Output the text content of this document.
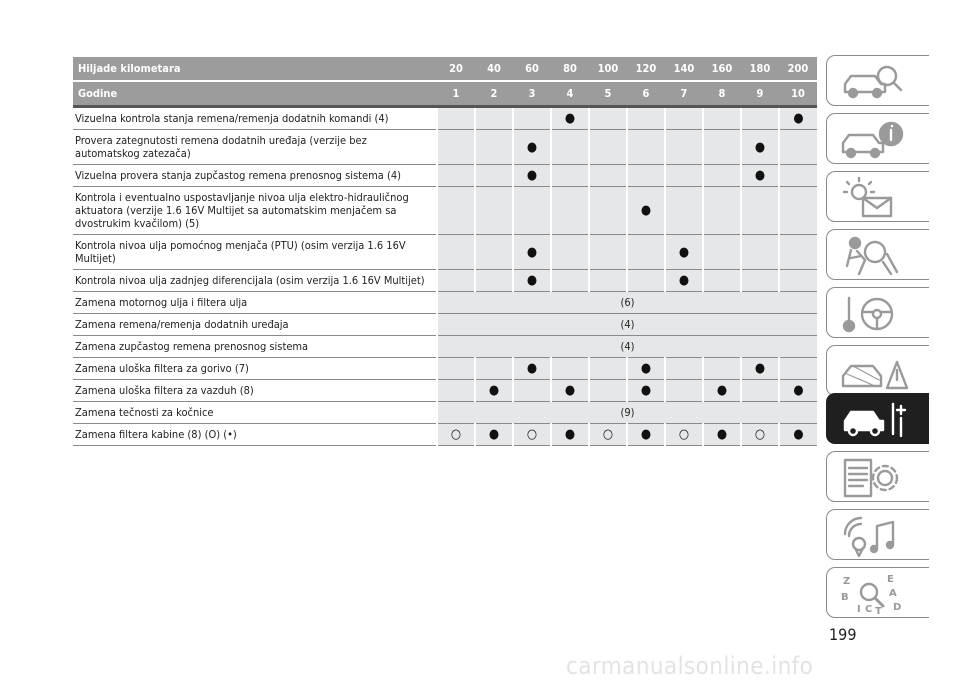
Hiljade kilometara	20	40	60	80	100	120	140	160	180	200
Godine	1	2	3	4	5	6	7	8	9	10
Vizuelna kontrola stanja remena/remenja dodatnih komandi (4)				●						●
Provera zategnutosti remena dodatnih uređaja (verzije bez automatskog zatezača)			●						●	
Vizuelna provera stanja zupčastog remena prenosnog sistema (4)			●						●	
Kontrola i eventualno uspostavljanje nivoa ulja elektro-hidrauličnog aktuatora (verzije 1.6 16V Multijet sa automatskim menjačem sa dvostrukim kvačilom) (5)						●				
Kontrola nivoa ulja pomoćnog menjača (PTU) (osim verzija 1.6 16V Multijet)			●				●			
Kontrola nivoa ulja zadnjeg diferencijala (osim verzija 1.6 16V Multijet)			●				●			
Zamena motornog ulja i filtera ulja	(6)									
Zamena remena/remenja dodatnih uređaja	(4)									
Zamena zupčastog remena prenosnog sistema	(4)									
Zamena uloška filtera za gorivo (7)			●			●			●	
Zamena uloška filtera za vazduh (8)		●		●		●		●		●
Zamena tečnosti za kočnice	(9)									
Zamena filtera kabine (8) (O) (•)	○	●	○	●	○	●	○	●	○	●
Z	E
B	A
D
I C T
199
carmanualsonline.info
